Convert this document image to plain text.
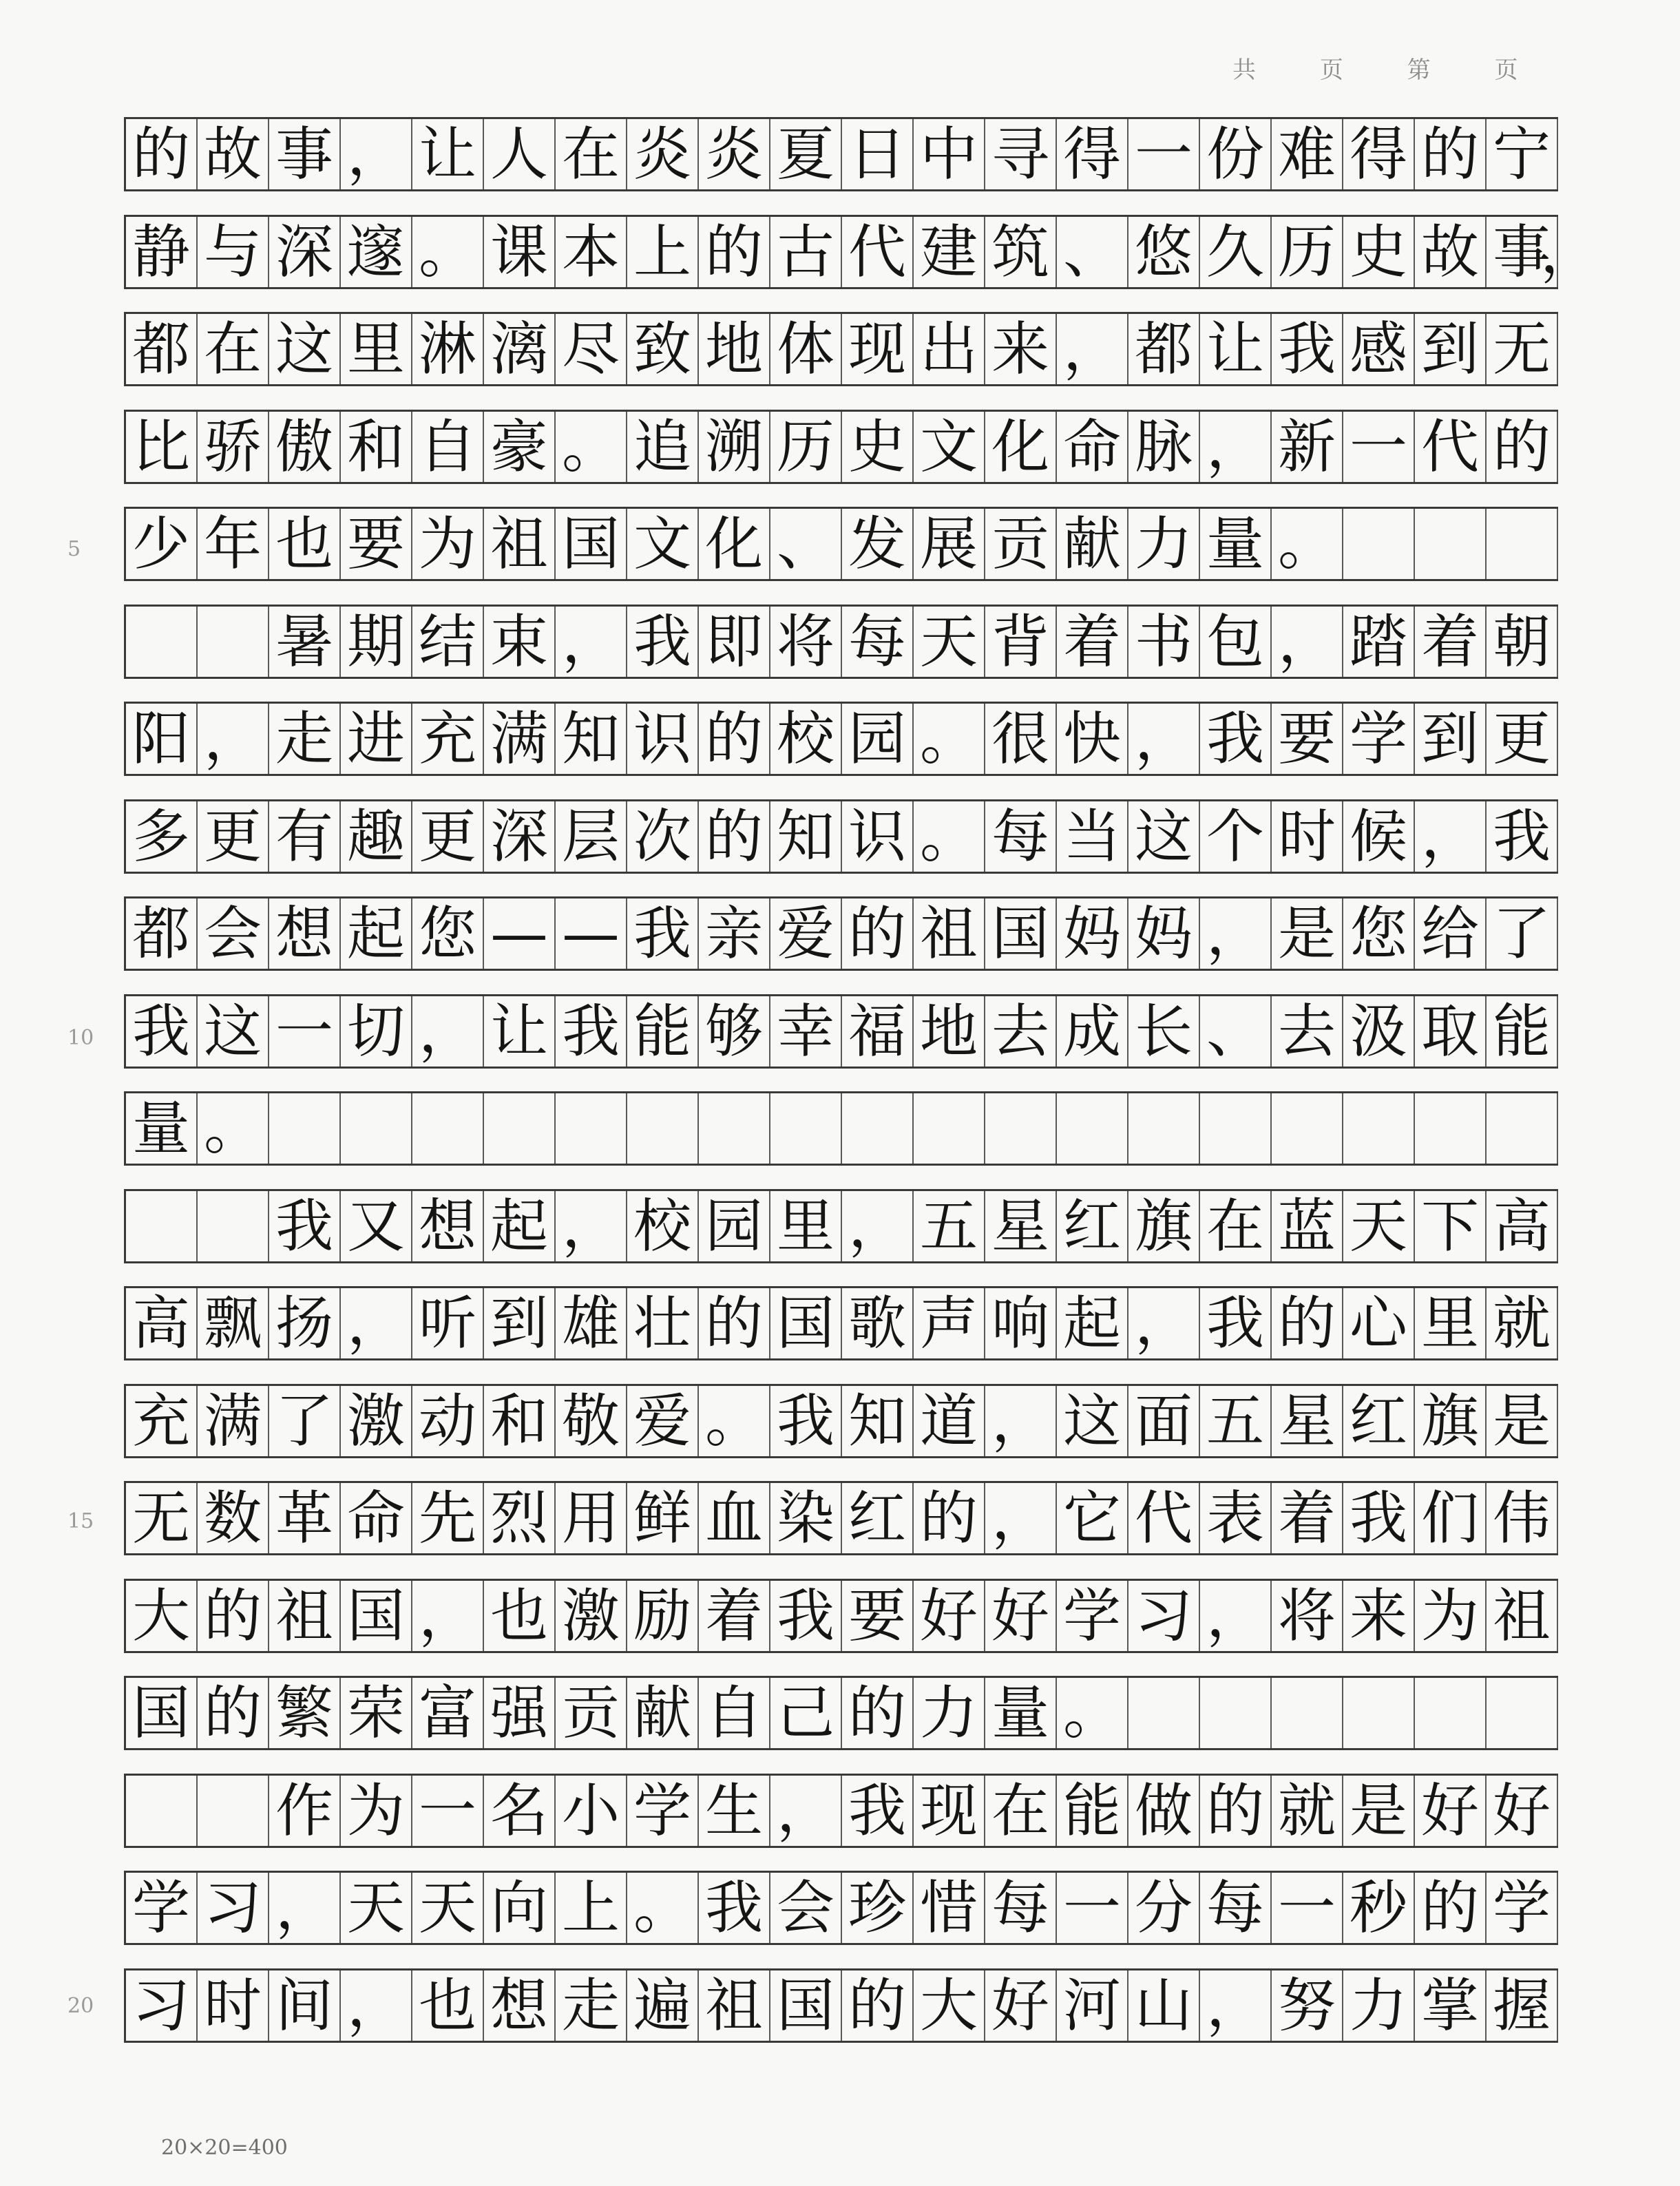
共	页	第	页
5
10
15
20
的 故 事 ， 让 人 在 炎 炎 夏 日 中 寻 得 一 份 难 得 的 宁
静 与 深 邃 。 课 本 上 的 古 代 建 筑 、 悠 久 历 史 故 事
，
都 在 这 里 淋 漓 尽 致 地 体 现 出 来 ， 都 让 我 感 到 无
比 骄 傲 和 自 豪 。 追 溯 历 史 文 化 命 脉 ， 新 一 代 的
少 年 也 要 为 祖 国 文 化 、 发 展 贡 献 力 量 。
暑 期 结 束 ， 我 即 将 每 天 背 着 书 包 ， 踏 着 朝
阳 ， 走 进 充 满 知 识 的 校 园 。 很 快 ， 我 要 学 到 更
多 更 有 趣 更 深 层 次 的 知 识 。 每 当 这 个 时 候 ， 我
都 会 想 起 您 — — 我 亲 爱 的 祖 国 妈 妈 ， 是 您 给 了
我 这 一 切 ， 让 我 能 够 幸 福 地 去 成 长 、 去 汲 取 能
量 。
我 又 想 起 ， 校 园 里 ， 五 星 红 旗 在 蓝 天 下 高
高 飘 扬 ， 听 到 雄 壮 的 国 歌 声 响 起 ， 我 的 心 里 就
充 满 了 激 动 和 敬 爱 。 我 知 道 ， 这 面 五 星 红 旗 是
无 数 革 命 先 烈 用 鲜 血 染 红 的 ， 它 代 表 着 我 们 伟
大 的 祖 国 ， 也 激 励 着 我 要 好 好 学 习 ， 将 来 为 祖
国 的 繁 荣 富 强 贡 献 自 己 的 力 量 。
作 为 一 名 小 学 生 ， 我 现 在 能 做 的 就 是 好 好
学 习 ， 天 天 向 上 。 我 会 珍 惜 每 一 分 每 一 秒 的 学
习 时 间 ， 也 想 走 遍 祖 国 的 大 好 河 山 ， 努 力 掌 握
20×20=400
